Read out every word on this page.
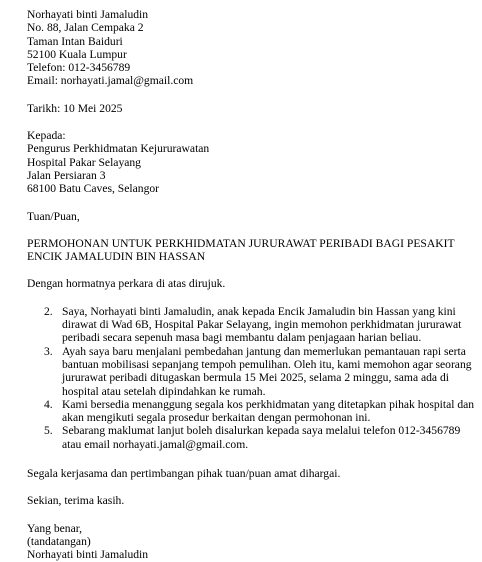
Norhayati binti Jamaludin
No. 88, Jalan Cempaka 2
Taman Intan Baiduri
52100 Kuala Lumpur
Telefon: 012-3456789
Email: norhayati.jamal@gmail.com
Tarikh: 10 Mei 2025
Kepada:
Pengurus Perkhidmatan Kejururawatan
Hospital Pakar Selayang
Jalan Persiaran 3
68100 Batu Caves, Selangor
Tuan/Puan,
PERMOHONAN UNTUK PERKHIDMATAN JURURAWAT PERIBADI BAGI PESAKIT
ENCIK JAMALUDIN BIN HASSAN
Dengan hormatnya perkara di atas dirujuk.
2. Saya, Norhayati binti Jamaludin, anak kepada Encik Jamaludin bin Hassan yang kini
dirawat di Wad 6B, Hospital Pakar Selayang, ingin memohon perkhidmatan jururawat
peribadi secara sepenuh masa bagi membantu dalam penjagaan harian beliau.
3. Ayah saya baru menjalani pembedahan jantung dan memerlukan pemantauan rapi serta
bantuan mobilisasi sepanjang tempoh pemulihan. Oleh itu, kami memohon agar seorang
jururawat peribadi ditugaskan bermula 15 Mei 2025, selama 2 minggu, sama ada di
hospital atau setelah dipindahkan ke rumah.
4. Kami bersedia menanggung segala kos perkhidmatan yang ditetapkan pihak hospital dan
akan mengikuti segala prosedur berkaitan dengan permohonan ini.
5. Sebarang maklumat lanjut boleh disalurkan kepada saya melalui telefon 012-3456789
atau email norhayati.jamal@gmail.com.
Segala kerjasama dan pertimbangan pihak tuan/puan amat dihargai.
Sekian, terima kasih.
Yang benar,
(tandatangan)
Norhayati binti Jamaludin
